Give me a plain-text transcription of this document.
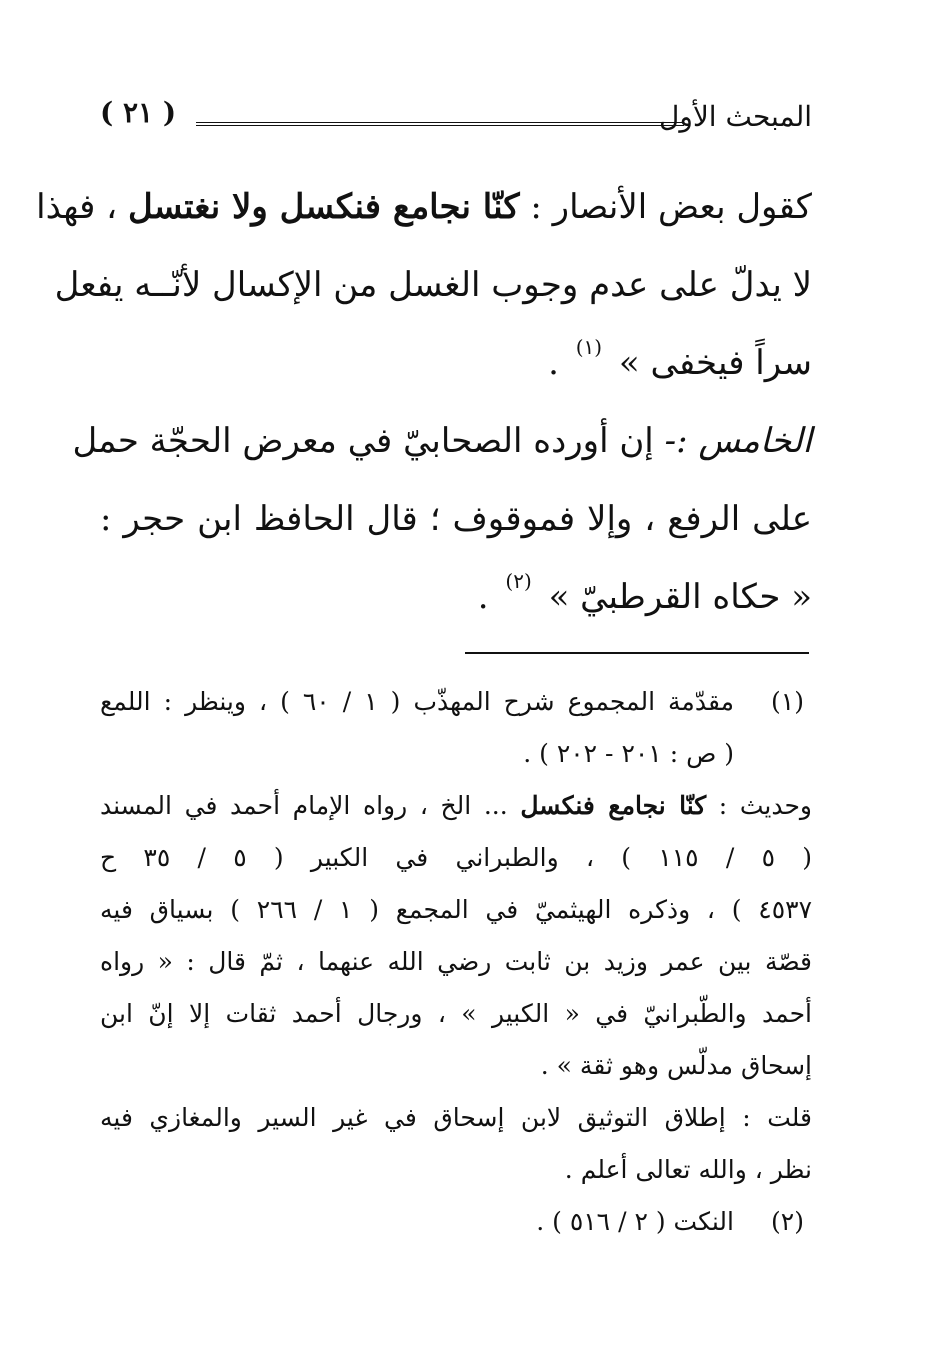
المبحث الأول
( ٢١ )
كقول بعض الأنصار : كنّا نجامع فنكسل ولا نغتسل ، فهذا
لا يدلّ على عدم وجوب الغسل من الإكسال لأنّــه يفعل
سراً فيخفى » $^{(١)}$ .
الخامس :- إن أورده الصحابيّ في معرض الحجّة حمل
على الرفع ، وإلا فموقوف ؛ قال الحافظ ابن حجر :
« حكاه القرطبيّ » $^{(٢)}$ .
(١)
مقدّمة المجموع شرح المهذّب ( ١ / ٦٠ ) ، وينظر : اللمع
( ص : ٢٠١ - ٢٠٢ ) .
وحديث : كنّا نجامع فنكسل ... الخ ، رواه الإمام أحمد في المسند
( ٥ / ١١٥ ) ، والطبراني في الكبير ( ٥ / ٣٥ ح
٤٥٣٧ ) ، وذكره الهيثميّ في المجمع ( ١ / ٢٦٦ ) بسياق فيه
قصّة بين عمر وزيد بن ثابت رضي الله عنهما ، ثمّ قال : « رواه
أحمد والطّبرانيّ في « الكبير » ، ورجال أحمد ثقات إلا إنّ ابن
إسحاق مدلّس وهو ثقة » .
قلت : إطلاق التوثيق لابن إسحاق في غير السير والمغازي فيه
نظر ، والله تعالى أعلم .
(٢)
النكت ( ٢ / ٥١٦ ) .
